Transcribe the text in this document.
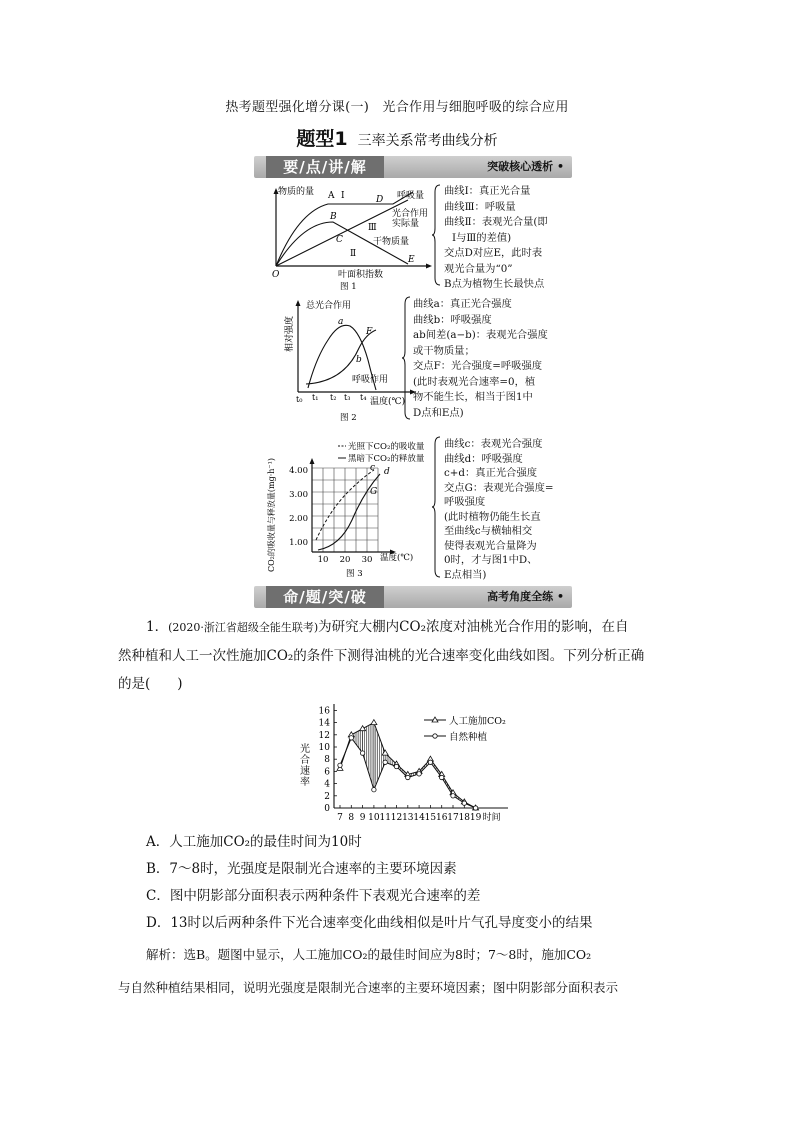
热考题型强化增分课(一)　光合作用与细胞呼吸的综合应用
题型1 三率关系常考曲线分析
要/点/讲/解	突破核心透析 •
物质的量 A Ⅰ	D 呼吸量
B	光合作用
实际量
Ⅲ
C	干物质量
Ⅱ
E
O	叶面积指数
图 1
曲线Ⅰ：真正光合量
曲线Ⅲ：呼吸量
曲线Ⅱ：表观光合量(即
Ⅰ与Ⅲ的差值)
交点D对应E，此时表
观光合量为“0”
B点为植物生长最快点
相对强度
总光合作用
a
F
b
呼吸作用
t₀ t₁ t₂ t₃ t₄ 温度(℃)
图 2
曲线a：真正光合强度
曲线b：呼吸强度
ab间差(a−b)：表观光合强度
或干物质量；
交点F：光合强度=呼吸强度
(此时表观光合速率=0，植
物不能生长，相当于图1中
D点和E点)
1.00
2.00
3.00
4.00
10 20 30 温度(℃)
CO₂的吸收量与释放量(mg·h⁻¹)
光照下CO₂的吸收量
黑暗下CO₂的释放量
c d
G
图 3
曲线c：表观光合强度
曲线d：呼吸强度
c+d：真正光合强度
交点G：表观光合强度=
呼吸强度
(此时植物仍能生长直
至曲线c与横轴相交
使得表观光合量降为
0时，才与图1中D、
E点相当)
命/题/突/破	高考角度全练 •
1．(2020·浙江省超级全能生联考)为研究大棚内CO₂浓度对油桃光合作用的影响，在自
然种植和人工一次性施加CO₂的条件下测得油桃的光合速率变化曲线如图。下列分析正确
的是(　　)
0
2
4
6
8
10
12
14
16
光
合
速
率
7 8 9 10 11 12 13 14 15 16 17 18 19 时间
人工施加CO₂
自然种植
A．人工施加CO₂的最佳时间为10时
B．7～8时，光强度是限制光合速率的主要环境因素
C．图中阴影部分面积表示两种条件下表观光合速率的差
D．13时以后两种条件下光合速率变化曲线相似是叶片气孔导度变小的结果
解析：选B。题图中显示，人工施加CO₂的最佳时间应为8时；7～8时，施加CO₂
与自然种植结果相同，说明光强度是限制光合速率的主要环境因素；图中阴影部分面积表示
